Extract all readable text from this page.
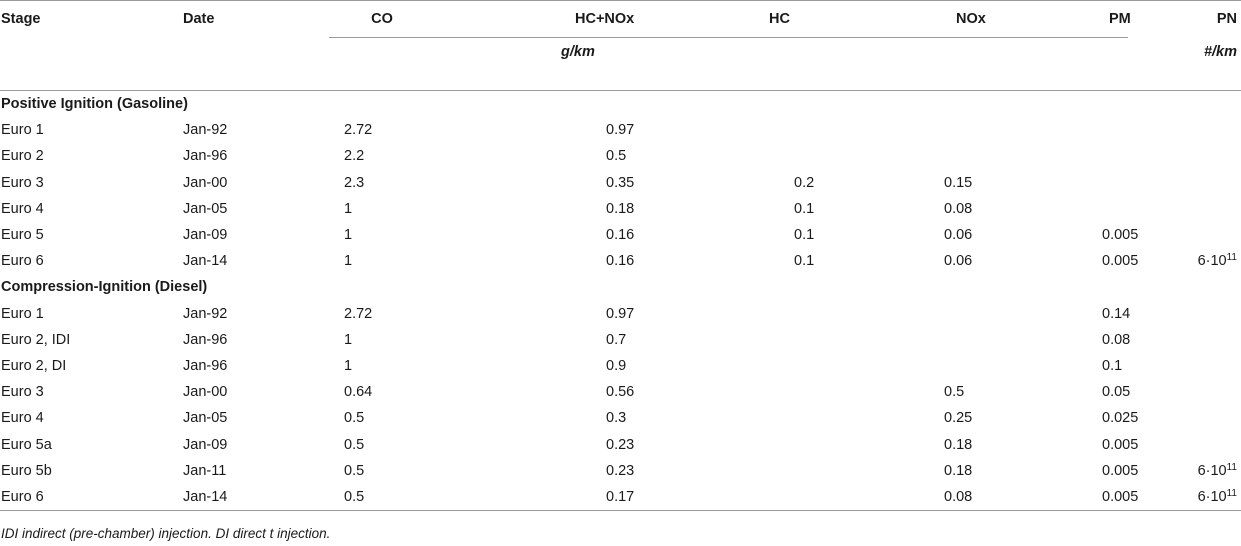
Stage	Date	CO	HC+NOx	HC	NOx	PM	PN
				g/km			#/km

Positive Ignition (Gasoline)							
Euro 1	Jan-92	2.72	0.97				
Euro 2	Jan-96	2.2	0.5				
Euro 3	Jan-00	2.3	0.35	0.2	0.15		
Euro 4	Jan-05	1	0.18	0.1	0.08		
Euro 5	Jan-09	1	0.16	0.1	0.06	0.005	
Euro 6	Jan-14	1	0.16	0.1	0.06	0.005	$6\cdot 10^{11}$
Compression-Ignition (Diesel)							
Euro 1	Jan-92	2.72	0.97			0.14	
Euro 2, IDI	Jan-96	1	0.7			0.08	
Euro 2, DI	Jan-96	1	0.9			0.1	
Euro 3	Jan-00	0.64	0.56		0.5	0.05	
Euro 4	Jan-05	0.5	0.3		0.25	0.025	
Euro 5a	Jan-09	0.5	0.23		0.18	0.005	
Euro 5b	Jan-11	0.5	0.23		0.18	0.005	$6\cdot 10^{11}$
Euro 6	Jan-14	0.5	0.17		0.08	0.005	$6\cdot 10^{11}$
IDI indirect (pre-chamber) injection. DI direct t injection.
